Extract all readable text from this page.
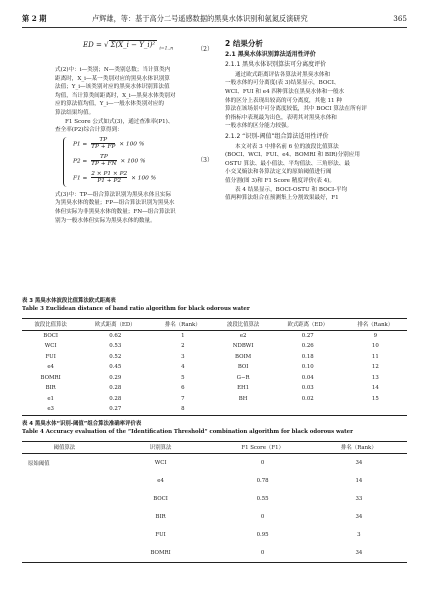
第 2 期	卢辉雄，等：基于高分二号遥感数据的黑臭水体识别和氨氮反演研究	365
ED = √ Σ(X_i − Y_i)² $_{i=1..n}$	（2）
式(2)中：i—类别；N—类别总数；当计算类内
距离时，X_i—某一类别对应的黑臭水体识别算
法值；Y_i—该类别对应的黑臭水体识别算法值
均值，当计算类间距离时，X_i—黑臭水体类别对
应的算法值均值，Y_i—一般水体类别对应的
算法结果均值。
F1 Score 公式如式(3)，通过查准率(P1)、
查全率(P2)综合计算得到：
$P1 = \frac{TP}{TP + FP} \times 100$ %
$P2 = \frac{TP}{TP + FN} \times 100$ %
$F1 = \frac{2 \times P1 \times P2}{P1 + P2} \times 100$ %
（3）
式(3)中：TP—组合算法识别为黑臭水体且实际
为黑臭水体的数量；FP—组合算法识别为黑臭水
体但实际为非黑臭水体的数量；FN—组合算法识
别为一般水体但实际为黑臭水体的数量。
2 结果分析
2.1 黑臭水体识别算法适用性评价
2.1.1 黑臭水体识别算法可分离度评价
通过欧式距离评估各算法对黑臭水体和
一般水体的可分离度(表 3)结果显示，BOCI、
WCI、FUI 和 e4 四种算法在黑臭水体和一般水
体的区分上表现出较高的可分离度，其他 11 种
算法在该场景中可分离度较低，其中 BOCI 算法在所有评
价指标中表现最为出色，表明其对黑臭水体和
一般水体的区分能力较强。
2.1.2 “识别-阈值”组合算法适用性评价
本文对表 3 中排名前 6 位的波段比值算法
(BOCI、WCI、FUI、e4、BOMRI 和 BIR)分别应用
OSTU 算法、最小值法、平均值法、三角形法、最
小交叉熵法和各算法定义的原始阈值进行阈
值分割(图 3)和 F1 Score 精度评价(表 4)。
表 4 结果显示，BOCI-OSTU 和 BOCI-平均
值两种算法组合在预测集上分割效果最好，F1
表 3 黑臭水体波段比值算法欧式距离表
Table 3 Euclidean distance of band ratio algorithm for black odorous water
波段比值算法	欧式距离（ED）	排名（Rank）	波段比值算法	欧式距离（ED）	排名（Rank）
BOCI	0.62	1	e2	0.27	9
WCI	0.53	2	NDBWI	0.26	10
FUI	0.52	3	BOIM	0.18	11
e4	0.45	4	BOI	0.10	12
BOMRI	0.29	5	G−R	0.04	13
BIR	0.28	6	EH1	0.03	14
e1	0.28	7	BH	0.02	15
e3	0.27	8			
表 4 黑臭水体“识别-阈值”组合算法准确率评价表
Table 4 Accuracy evaluation of the “Identification Threshold” combination algorithm for black odorous water
阈值算法	识别算法	F1 Score（F1）	排名（Rank）
原始阈值	WCI	0	34
	e4	0.78	14
	BOCI	0.55	33
	BIR	0	34
	FUI	0.95	3
	BOMRI	0	34
